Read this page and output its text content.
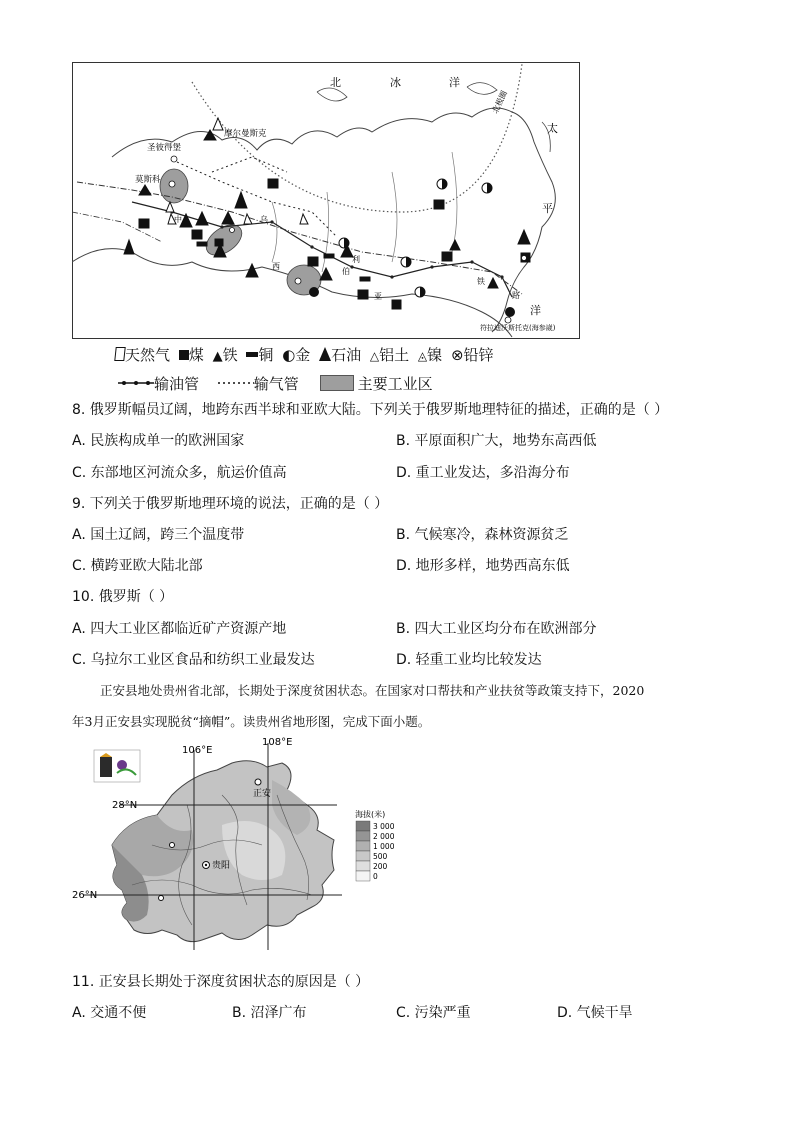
北	冰	洋
北极圈
太
平
洋
摩尔曼斯克
圣彼得堡
莫斯科
符拉迪沃斯托克(海参崴)
中	乌
西
伯
利
亚
铁
路
天然气 煤 ▲铁 铜 ◐金 石油 △铝土 ◬镍 ⊗铅锌
输油管	输气管	主要工业区
8. 俄罗斯幅员辽阔，地跨东西半球和亚欧大陆。下列关于俄罗斯地理特征的描述，正确的是（ ）
A. 民族构成单一的欧洲国家	B. 平原面积广大，地势东高西低
C. 东部地区河流众多，航运价值高	D. 重工业发达，多沿海分布
9. 下列关于俄罗斯地理环境的说法，正确的是（ ）
A. 国土辽阔，跨三个温度带	B. 气候寒冷，森林资源贫乏
C. 横跨亚欧大陆北部	D. 地形多样，地势西高东低
10. 俄罗斯（ ）
A. 四大工业区都临近矿产资源产地	B. 四大工业区均分布在欧洲部分
C. 乌拉尔工业区食品和纺织工业最发达	D. 轻重工业均比较发达
正安县地处贵州省北部，长期处于深度贫困状态。在国家对口帮扶和产业扶贫等政策支持下，2020
年3月正安县实现脱贫“摘帽”。读贵州省地形图，完成下面小题。
106°E
108°E
28°N
26°N
正安
贵阳
海拔(米)
3 000
2 000
1 000
500
200
0
11. 正安县长期处于深度贫困状态的原因是（ ）
A. 交通不便	B. 沼泽广布	C. 污染严重	D. 气候干旱
